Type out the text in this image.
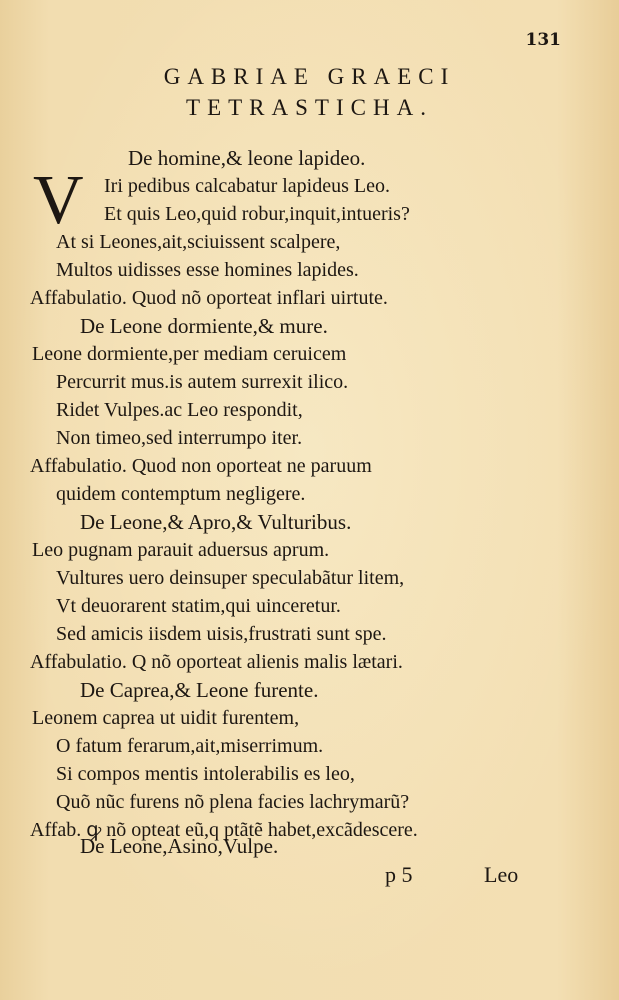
131
GABRIAE GRAECI
TETRASTICHA.
V
De homine,& leone lapideo.
Iri pedibus calcabatur lapideus Leo.
Et quis Leo,quid robur,inquit,intueris?
At si Leones,ait,sciuissent scalpere,
Multos uidisses esse homines lapides.
Affabulatio. Quod nõ oporteat inflari uirtute.
De Leone dormiente,& mure.
Leone dormiente,per mediam ceruicem
Percurrit mus.is autem surrexit ilico.
Ridet Vulpes.ac Leo respondit,
Non timeo,sed interrumpo iter.
Affabulatio. Quod non oporteat ne paruum
quidem contemptum negligere.
De Leone,& Apro,& Vulturibus.
Leo pugnam parauit aduersus aprum.
Vultures uero deinsuper speculabãtur litem,
Vt deuorarent statim,qui uinceretur.
Sed amicis iisdem uisis,frustrati sunt spe.
Affabulatio. Q nõ oporteat alienis malis lætari.
De Caprea,& Leone furente.
Leonem caprea ut uidit furentem,
O fatum ferarum,ait,miserrimum.
Si compos mentis intolerabilis es leo,
Quõ nũc furens nõ plena facies lachrymarũ?
Affab. ꝙ nõ opteat eũ,q ptãtẽ habet,excãdescere.
De Leone,Asino,Vulpe.
p 5	Leo
